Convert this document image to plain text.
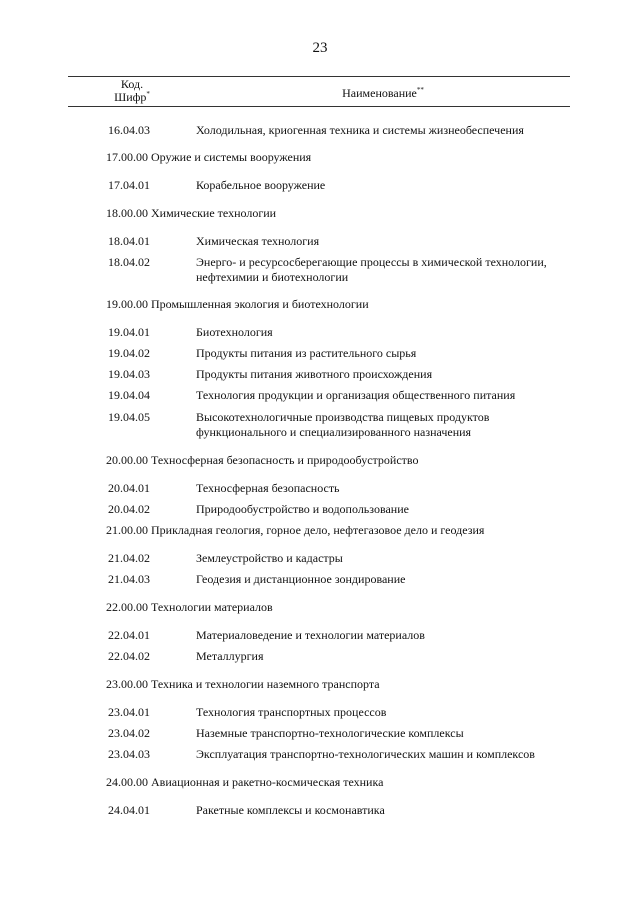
23
Код.
Шифр*	Наименование**
16.04.03	Холодильная, криогенная техника и системы жизнеобеспечения
17.00.00 Оружие и системы вооружения
17.04.01	Корабельное вооружение
18.00.00 Химические технологии
18.04.01	Химическая технология
18.04.02	Энерго- и ресурсосберегающие процессы в химической технологии, нефтехимии и биотехнологии
19.00.00 Промышленная экология и биотехнологии
19.04.01	Биотехнология
19.04.02	Продукты питания из растительного сырья
19.04.03	Продукты питания животного происхождения
19.04.04	Технология продукции и организация общественного питания
19.04.05	Высокотехнологичные производства пищевых продуктов функционального и специализированного назначения
20.00.00 Техносферная безопасность и природообустройство
20.04.01	Техносферная безопасность
20.04.02	Природообустройство и водопользование
21.00.00 Прикладная геология, горное дело, нефтегазовое дело и геодезия
21.04.02	Землеустройство и кадастры
21.04.03	Геодезия и дистанционное зондирование
22.00.00 Технологии материалов
22.04.01	Материаловедение и технологии материалов
22.04.02	Металлургия
23.00.00 Техника и технологии наземного транспорта
23.04.01	Технология транспортных процессов
23.04.02	Наземные транспортно-технологические комплексы
23.04.03	Эксплуатация транспортно-технологических машин и комплексов
24.00.00 Авиационная и ракетно-космическая техника
24.04.01	Ракетные комплексы и космонавтика
